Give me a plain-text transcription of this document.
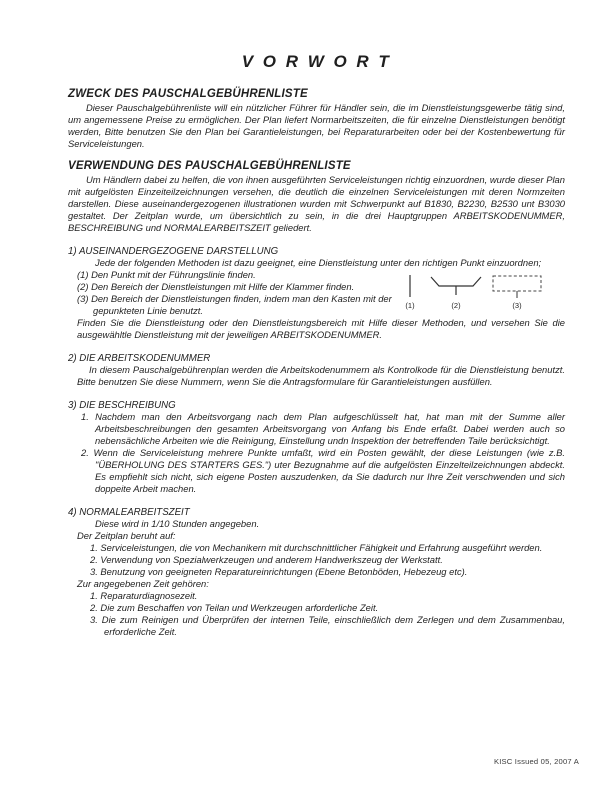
V O R W O R T
ZWECK DES PAUSCHALGEBÜHRENLISTE

Dieser Pauschalgebührenliste will ein nützlicher Führer für Händler sein, die im Dienstleistungsgewerbe tätig sind, um angemessene Preise zu ermöglichen. Der Plan liefert Normarbeitszeiten, die für einzelne Dienstleistungen benötigt werden, Bitte benutzen Sie den Plan bei Garantieleistungen, bei Reparaturarbeiten oder bei der Kostenbewertung für Serviceleistungen.

VERWENDUNG DES PAUSCHALGEBÜHRENLISTE

Um Händlern dabei zu helfen, die von ihnen ausgeführten Serviceleistungen richtig einzuordnen, wurde dieser Plan mit aufgelösten Einzeiteilzeichnungen versehen, die deutlich die einzelnen Serviceleistungen mit deren Normzeiten darstellen. Diese auseinandergezogenen illustrationen wurden mit Schwerpunkt auf B1830, B2230, B2530 unt B3030 gestaltet. Der Zeitplan wurde, um übersichtlich zu sein, in die drei Hauptgruppen ARBEITSKODENUMMER, BESCHREIBUNG und NORMALEARBEITSZEIT geliedert.

1) AUSEINANDERGEZOGENE DARSTELLUNG

Jede der folgenden Methoden ist dazu geeignet, eine Dienstleistung unter den richtigen Punkt einzuordnen;

(1) Den Punkt mit der Führungslinie finden.

(2) Den Bereich der Dienstleistungen mit Hilfe der Klammer finden.

(3) Den Bereich der Dienstleistungen finden, indem man den Kasten mit der gepunkteten Linie benutzt.

Finden Sie die Dienstleistung oder den Dienstleistungsbereich mit Hilfe dieser Methoden, und versehen Sie die ausgewähltle Dienstleistung mit der jeweiligen ARBEITSKODENUMMER.

2) DIE ARBEITSKODENUMMER

In diesem Pauschalgebührenplan werden die Arbeitskodenummern als Kontrolkode für die Dienstleistung benutzt. Bitte benutzen Sie diese Nummern, wenn Sie die Antragsformulare für Garantieleistungen ausfüllen.

3) DIE BESCHREIBUNG

1. Nachdem man den Arbeitsvorgang nach dem Plan aufgeschlüsselt hat, hat man mit der Summe aller Arbeitsbeschreibungen den gesamten Arbeitsvorgang von Anfang bis Ende erfaßt. Dabei werden auch so nebensächliche Arbeiten wie die Reinigung, Einstellung undn Inspektion der betreffenden Taile berücksichtigt.

2. Wenn die Serviceleistung mehrere Punkte umfaßt, wird ein Posten gewählt, der diese Leistungen (wie z.B. "ÜBERHOLUNG DES STARTERS GES.") uter Bezugnahme auf die aufgelösten Einzelteilzeichnungen abdeckt. Es empfiehlt sich nicht, sich eigene Posten auszudenken, da Sie dadurch nur Ihre Zeit verschwenden und sich doppeite Arbeit machen.

4) NORMALEARBEITSZEIT

Diese wird in 1/10 Stunden angegeben.

Der Zeitplan beruht auf:

1. Serviceleistungen, die von Mechanikern mit durchschnittlicher Fähigkeit und Erfahrung ausgeführt werden.

2. Verwendung von Spezialwerkzeugen und anderem Handwerkszeug der Werkstatt.

3. Benutzung von geeigneten Reparatureinrichtungen (Ebene Betonböden, Hebezeug etc).

Zur angegebenen Zeit gehören:

1. Reparaturdiagnosezeit.

2. Die zum Beschaffen von Teilan und Werkzeugen arforderliche Zeit.

3. Die zum Reinigen und Überprüfen der internen Teile, einschließlich dem Zerlegen und dem Zusammenbau, erforderliche Zeit.

(1)	(2)	(3)
KISC Issued 05, 2007 A
